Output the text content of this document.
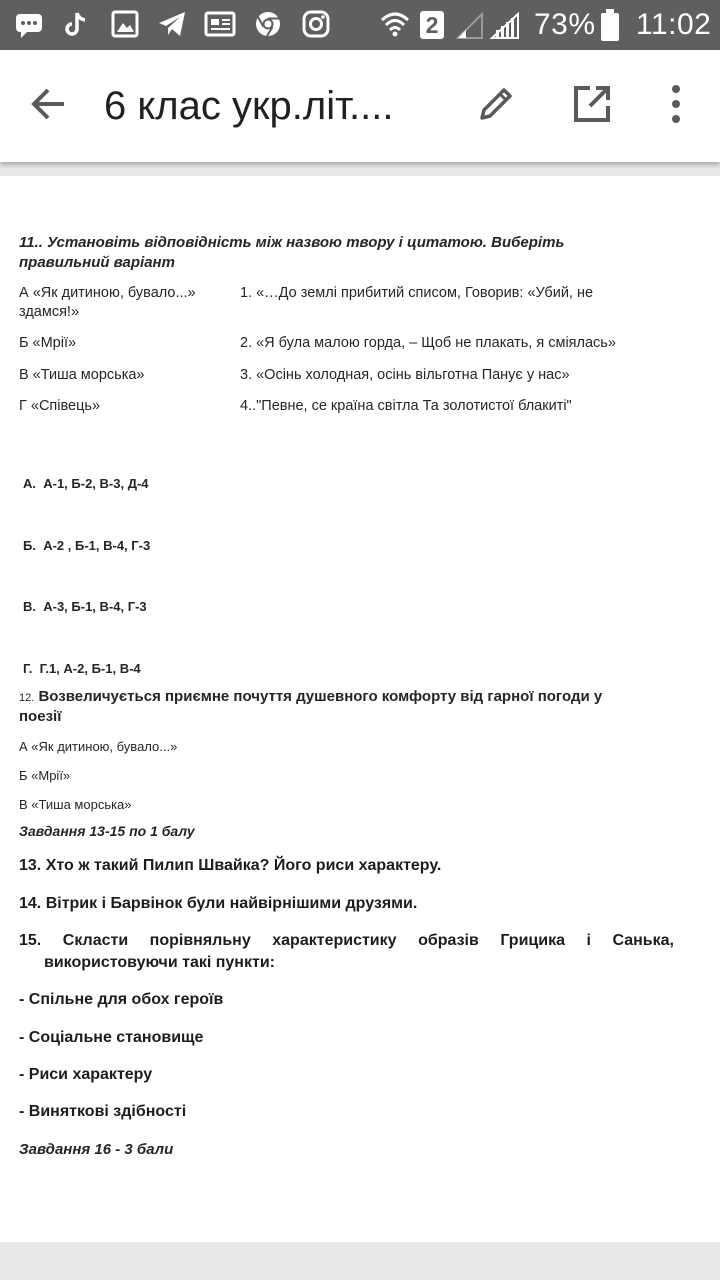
2	73% 11:02
6 клас укр.літ....
11.. Установіть відповідність між назвою твору і цитатою. Виберіть
правильний варіант
А «Як дитиною, бувало...»
здамся!»
Б «Мрії»
В «Тиша морська»
Г «Співець»
1. «…До землі прибитий списом, Говорив: «Убий, не
2. «Я була малою горда, – Щоб не плакать, я сміялась»
3. «Осінь холодная, осінь вільготна Панує у нас»
4.."Певне, се країна світла Та золотистої блакиті"
А. А-1, Б-2, В-3, Д-4
Б. А-2 , Б-1, В-4, Г-3
В. А-3, Б-1, В-4, Г-3
Г. Г.1, А-2, Б-1, В-4
12. Возвеличується приємне почуття душевного комфорту від гарної погоди у
поезії
А «Як дитиною, бувало...»
Б «Мрії»
В «Тиша морська»
Завдання 13-15 по 1 балу
13. Хто ж такий Пилип Швайка? Його риси характеру.
14. Вітрик і Барвінок були найвірнішими друзями.
15. Скласти порівняльну характеристику образів Грицика і Санька,
використовуючи такі пункти:
- Спільне для обох героїв
- Соціальне становище
- Риси характеру
- Виняткові здібності
Завдання 16 - 3 бали
